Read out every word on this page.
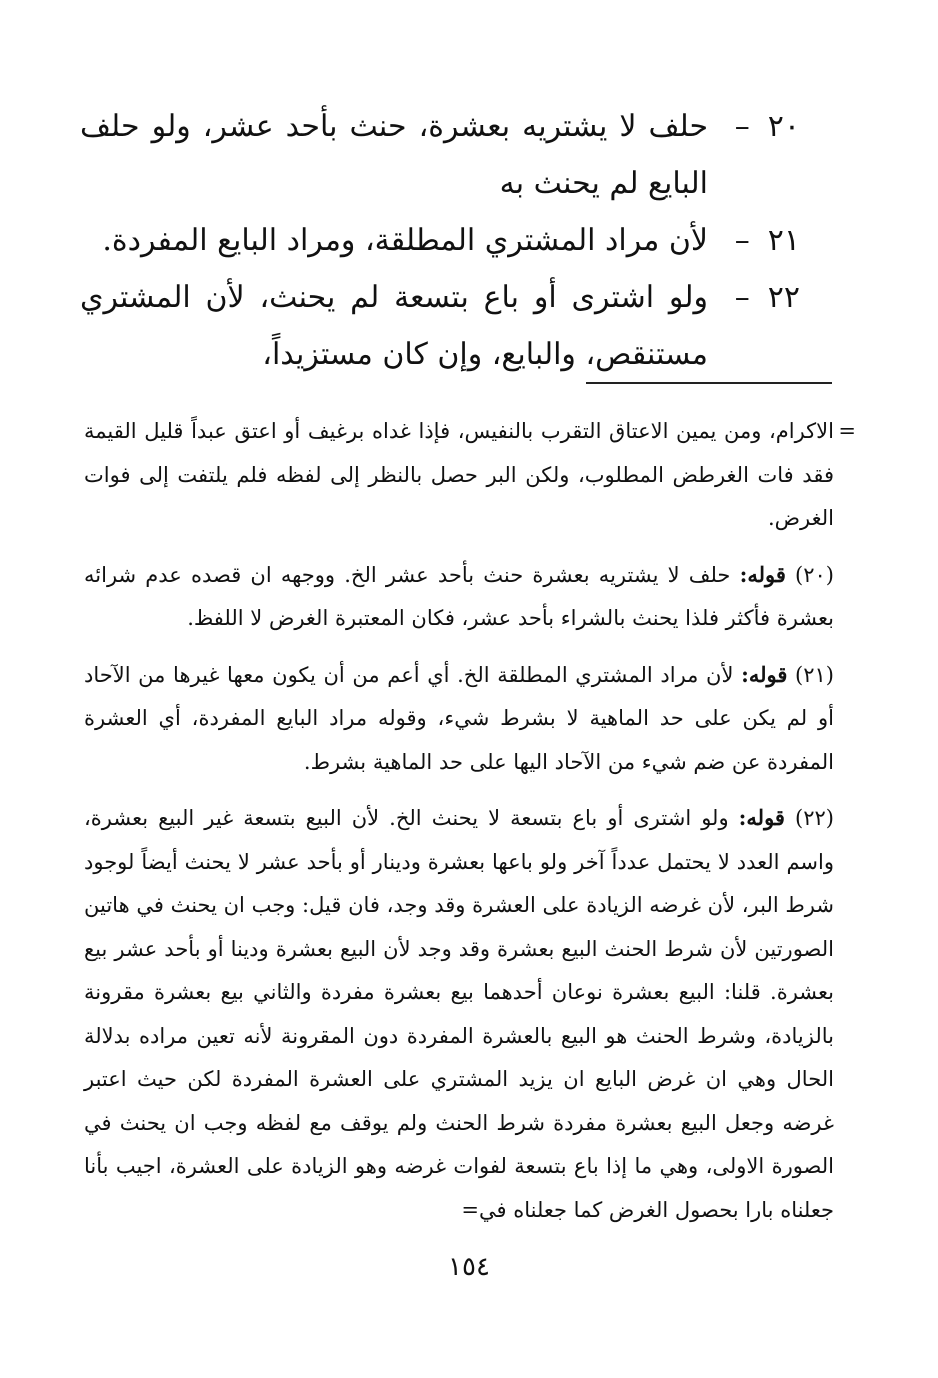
٢٠–
حلف لا يشتريه بعشرة، حنث بأحد عشر، ولو حلف البايع لم يحنث به
٢١–
لأن مراد المشتري المطلقة، ومراد البايع المفردة.
٢٢–
ولو اشترى أو باع بتسعة لم يحنث، لأن المشتري مستنقص، والبايع، وإن كان مستزيداً،

=
الاكرام، ومن يمين الاعتاق التقرب بالنفيس، فإذا غداه برغيف أو اعتق عبداً قليل القيمة فقد فات الغرطض المطلوب، ولكن البر حصل بالنظر إلى لفظه فلم يلتفت إلى فوات الغرض.

(٢٠) قوله: حلف لا يشتريه بعشرة حنث بأحد عشر الخ. ووجهه ان قصده عدم شرائه بعشرة فأكثر فلذا يحنث بالشراء بأحد عشر، فكان المعتبرة الغرض لا اللفظ.

(٢١) قوله: لأن مراد المشتري المطلقة الخ. أي أعم من أن يكون معها غيرها من الآحاد أو لم يكن على حد الماهية لا بشرط شيء، وقوله مراد البايع المفردة، أي العشرة المفردة عن ضم شيء من الآحاد اليها على حد الماهية بشرط.

(٢٢) قوله: ولو اشترى أو باع بتسعة لا يحنث الخ. لأن البيع بتسعة غير البيع بعشرة، واسم العدد لا يحتمل عدداً آخر ولو باعها بعشرة ودينار أو بأحد عشر لا يحنث أيضاً لوجود شرط البر، لأن غرضه الزيادة على العشرة وقد وجد، فان قيل: وجب ان يحنث في هاتين الصورتين لأن شرط الحنث البيع بعشرة وقد وجد لأن البيع بعشرة ودينا أو بأحد عشر بيع بعشرة. قلنا: البيع بعشرة نوعان أحدهما بيع بعشرة مفردة والثاني بيع بعشرة مقرونة بالزيادة، وشرط الحنث هو البيع بالعشرة المفردة دون المقرونة لأنه تعين مراده بدلالة الحال وهي ان غرض البايع ان يزيد المشتري على العشرة المفردة لكن حيث اعتبر غرضه وجعل البيع بعشرة مفردة شرط الحنث ولم يوقف مع لفظه وجب ان يحنث في الصورة الاولى، وهي ما إذا باع بتسعة لفوات غرضه وهو الزيادة على العشرة، اجيب بأنا جعلناه بارا بحصول الغرض كما جعلناه في=

١٥٤
